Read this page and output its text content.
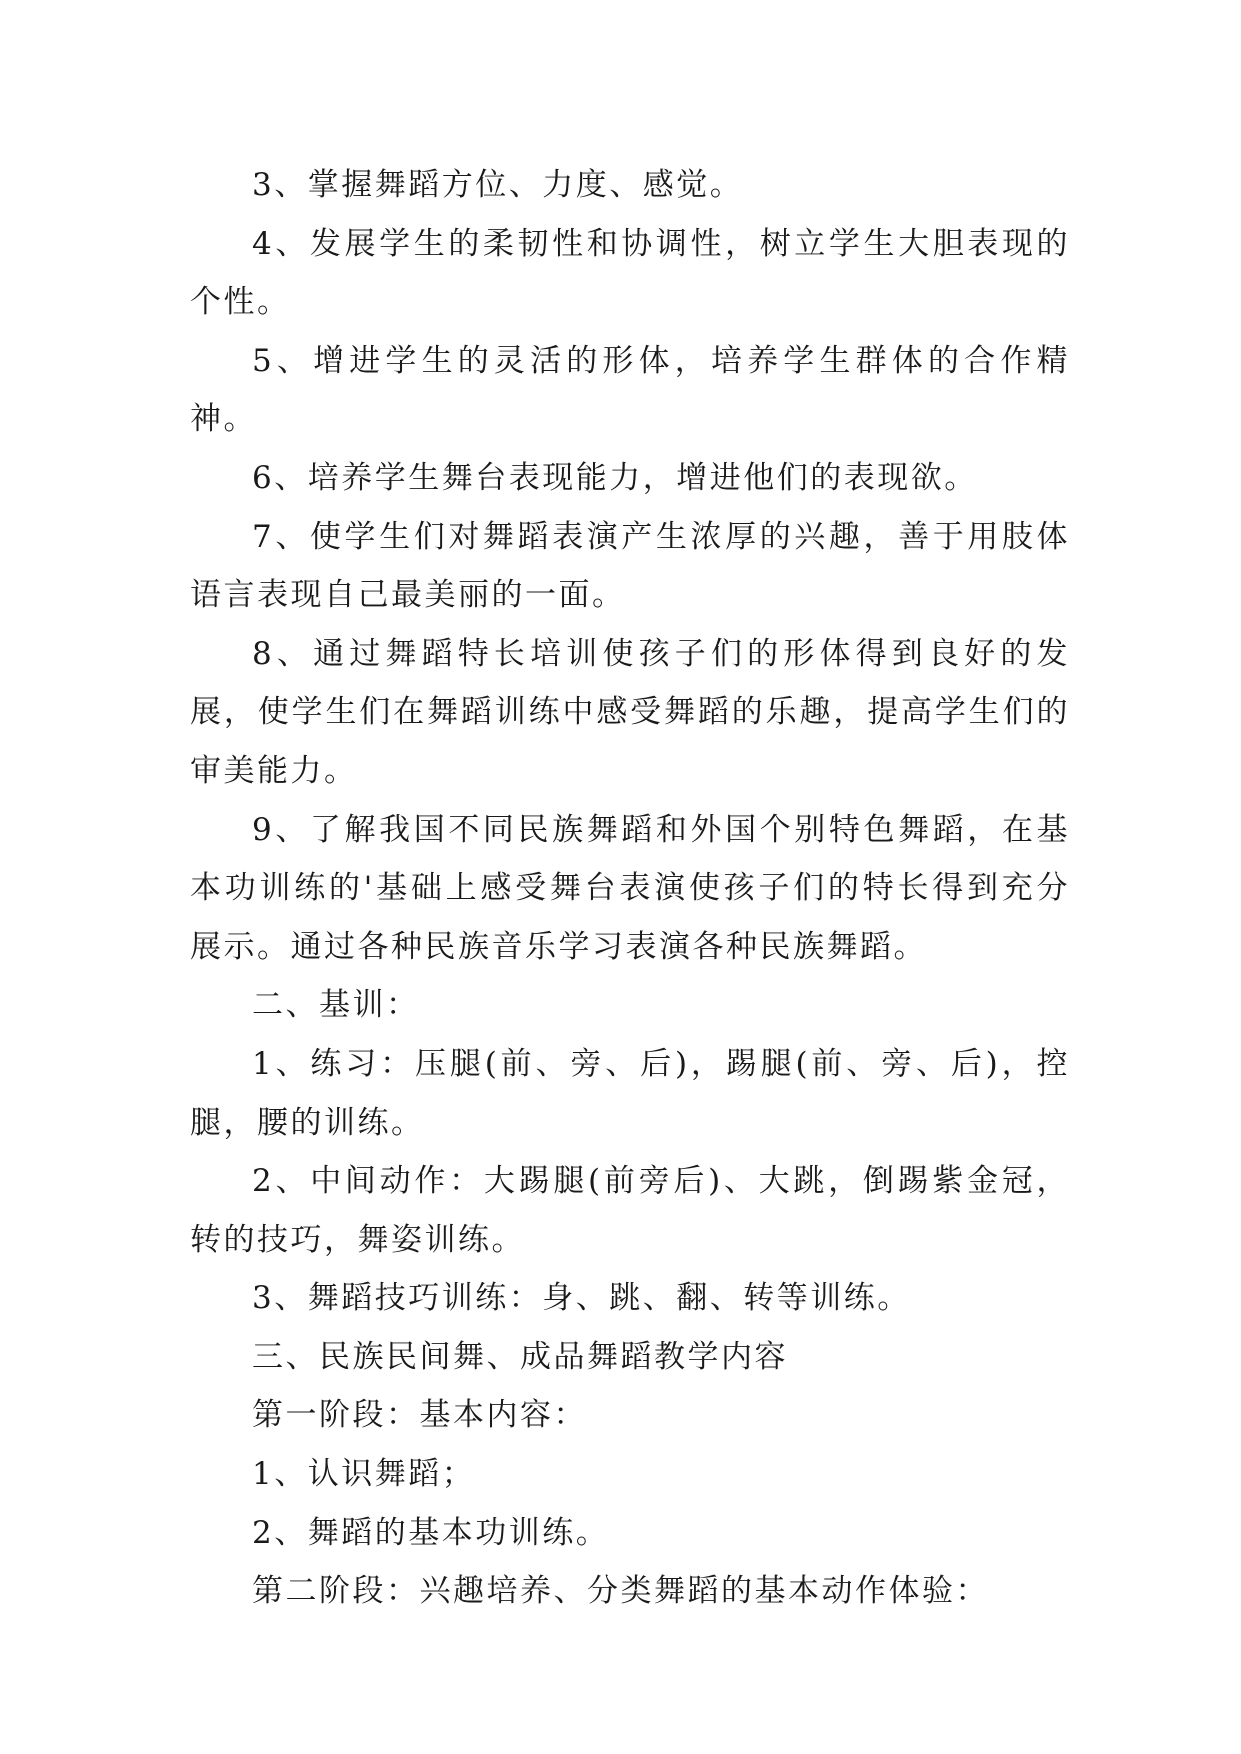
3、掌握舞蹈方位、力度、感觉。

4、发展学生的柔韧性和协调性，树立学生大胆表现的个性。

5、增进学生的灵活的形体，培养学生群体的合作精神。

6、培养学生舞台表现能力，增进他们的表现欲。

7、使学生们对舞蹈表演产生浓厚的兴趣，善于用肢体语言表现自己最美丽的一面。

8、通过舞蹈特长培训使孩子们的形体得到良好的发展，使学生们在舞蹈训练中感受舞蹈的乐趣，提高学生们的审美能力。

9、了解我国不同民族舞蹈和外国个别特色舞蹈，在基本功训练的'基础上感受舞台表演使孩子们的特长得到充分展示。通过各种民族音乐学习表演各种民族舞蹈。

二、基训：

1、练习：压腿(前、旁、后)，踢腿(前、旁、后)，控腿，腰的训练。

2、中间动作：大踢腿(前旁后)、大跳，倒踢紫金冠，转的技巧，舞姿训练。

3、舞蹈技巧训练：身、跳、翻、转等训练。

三、民族民间舞、成品舞蹈教学内容

第一阶段：基本内容：

1、认识舞蹈；

2、舞蹈的基本功训练。

第二阶段：兴趣培养、分类舞蹈的基本动作体验：
